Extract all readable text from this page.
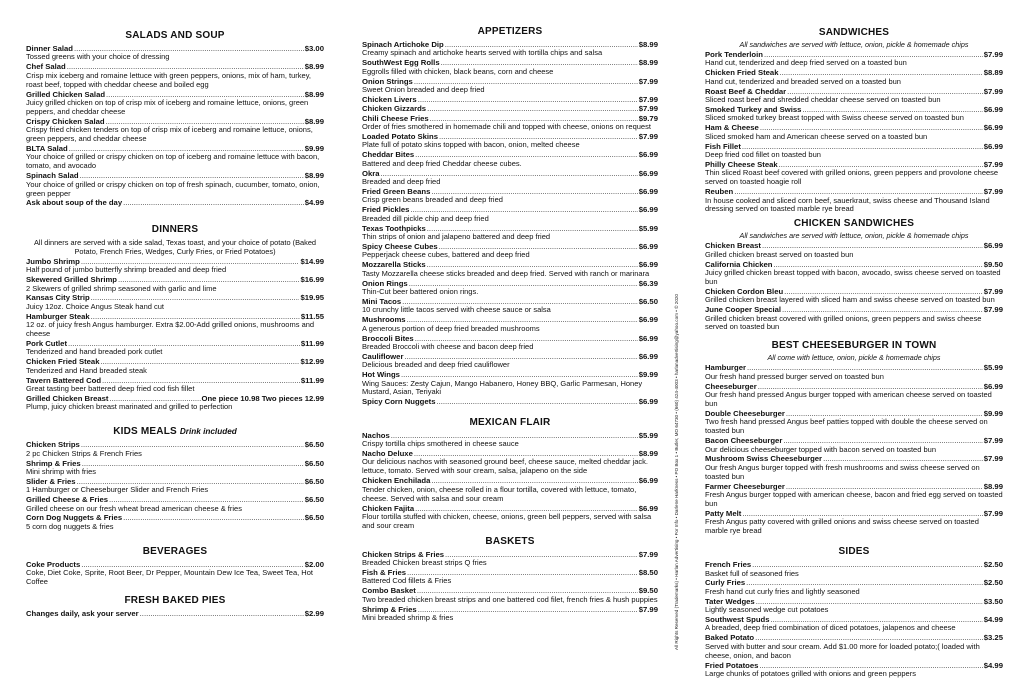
SALADS AND SOUP
Dinner Salad .....	$3.00
Tossed greens with your choice of dressing
Chef Salad .....	$8.99
Crisp mix iceberg and romaine lettuce with green peppers, onions, mix of ham, turkey, roast beef, topped with cheddar cheese and boiled egg
Grilled Chicken Salad .....	$8.99
Juicy grilled chicken on top of crisp mix of iceberg and romaine lettuce, onions, green peppers, and cheddar cheese
Crispy Chicken Salad .....	$8.99
Crispy fried chicken tenders on top of crisp mix of iceberg and romaine lettuce, onions, green peppers, and cheddar cheese
BLTA Salad .....	$9.99
Your choice of grilled or crispy chicken on top of iceberg and romaine lettuce with bacon, tomato, and avocado
Spinach Salad .....	$8.99
Your choice of grilled or crispy chicken on top of fresh spinach, cucumber, tomato, onion, green pepper
Ask about soup of the day .....	$4.99
DINNERS
All dinners are served with a side salad, Texas toast, and your choice of potato (Baked Potato, French Fries, Wedges, Curly Fries, or Fried Potatoes)
Jumbo Shrimp .....	$14.99
Half pound of jumbo butterfly shrimp breaded and deep fried
Skewered Grilled Shrimp .....	$16.99
2 Skewers of grilled shrimp seasoned with garlic and lime
Kansas City Strip .....	$19.95
Juicy 12oz. Choice Angus Steak hand cut
Hamburger Steak .....	$11.55
12 oz. of juicy fresh Angus hamburger. Extra $2.00-Add grilled onions, mushrooms and cheese
Pork Cutlet .....	$11.99
Tenderized and hand breaded pork cutlet
Chicken Fried Steak .....	$12.99
Tenderized and Hand breaded steak
Tavern Battered Cod .....	$11.99
Great tasting beer battered deep fried cod fish fillet
Grilled Chicken Breast .....	One piece 10.98 Two pieces 12.99
Plump, juicy chicken breast marinated and grilled to perfection
KIDS MEALS Drink included
Chicken Strips .....	$6.50
2 pc Chicken Strips & French Fries
Shrimp & Fries .....	$6.50
Mini shrimp with fries
Slider & Fries .....	$6.50
1 Hamburger or Cheeseburger Slider and French Fries
Grilled Cheese & Fries .....	$6.50
Grilled cheese on our fresh wheat bread american cheese & fries
Corn Dog Nuggets & Fries .....	$6.50
5 corn dog nuggets & fries
BEVERAGES
Coke Products .....	$2.00
Coke, Diet Coke, Sprite, Root Beer, Dr Pepper, Mountain Dew Ice Tea, Sweet Tea, Hot Coffee
FRESH BAKED PIES
Changes daily, ask your server .....	$2.99
APPETIZERS
Spinach Artichoke Dip .....	$8.99
Creamy spinach and artichoke hearts served with tortilla chips and salsa
SouthWest Egg Rolls .....	$8.99
Eggrolls filled with chicken, black beans, corn and cheese
Onion Strings .....	$7.99
Sweet Onion breaded and deep fried
Chicken Livers .....	$7.99
Chicken Gizzards .....	$7.99
Chili Cheese Fries .....	$9.79
Order of fries smothered in homemade chili and topped with cheese, onions on request
Loaded Potato Skins .....	$7.99
Plate full of potato skins topped with bacon, onion, melted cheese
Cheddar Bites .....	$6.99
Battered and deep fried Cheddar cheese cubes.
Okra .....	$6.99
Breaded and deep fried
Fried Green Beans .....	$6.99
Crisp green beans breaded and deep fried
Fried Pickles .....	$6.99
Breaded dill pickle chip and deep fried
Texas Toothpicks .....	$5.99
Thin strips of onion and jalapeno battered and deep fried
Spicy Cheese Cubes .....	$6.99
Pepperjack cheese cubes, battered and deep fried
Mozzarella Sticks .....	$6.99
Tasty Mozzarella cheese sticks breaded and deep fried. Served with ranch or marinara
Onion Rings .....	$6.39
Thin-Cut beer battered onion rings.
Mini Tacos .....	$6.50
10 crunchy little tacos served with cheese sauce or salsa
Mushrooms .....	$6.99
A generous portion of deep fried breaded mushrooms
Broccoli Bites .....	$6.99
Breaded Broccoli with cheese and bacon deep fried
Cauliflower .....	$6.99
Delicious breaded and deep fried cauliflower
Hot Wings .....	$9.99
Wing Sauces: Zesty Cajun, Mango Habanero, Honey BBQ, Garlic Parmesan, Honey Mustard, Asian, Teriyaki
Spicy Corn Nuggets .....	$6.99
MEXICAN FLAIR
Nachos .....	$5.99
Crispy tortilla chips smothered in cheese sauce
Nacho Deluxe .....	$8.99
Our delicious nachos with seasoned ground beef, cheese sauce, melted cheddar jack. lettuce, tomato. Served with sour cream, salsa, jalapeno on the side
Chicken Enchilada .....	$6.99
Tender chicken, onion, cheese rolled in a flour tortilla, covered with lettuce, tomato, cheese. Served with salsa and sour cream
Chicken Fajita .....	$6.99
Flour tortilla stuffed with chicken, cheese, onions, green bell peppers, served with salsa and sour cream
BASKETS
Chicken Strips & Fries .....	$7.99
Breaded Chicken breast strips Q fries
Fish & Fries .....	$8.50
Battered Cod fillets & Fries
Combo Basket .....	$9.50
Two breaded chicken breast strips and one battered cod filet, french fries & hush puppies
Shrimp & Fries .....	$7.99
Mini breaded shrimp & fries
SANDWICHES
All sandwiches are served with lettuce, onion, pickle & homemade chips
Pork Tenderloin .....	$7.99
Hand cut, tenderized and deep fried served on a toasted bun
Chicken Fried Steak .....	$8.89
Hand cut, tenderized and breaded served on a toasted bun
Roast Beef & Cheddar .....	$7.99
Sliced roast beef and shredded cheddar cheese served on toasted bun
Smoked Turkey and Swiss .....	$6.99
Sliced smoked turkey breast topped with Swiss cheese served on toasted bun
Ham & Cheese .....	$6.99
Sliced smoked ham and American cheese served on a toasted bun
Fish Fillet .....	$6.99
Deep fried cod fillet on toasted bun
Philly Cheese Steak .....	$7.99
Thin sliced Roast beef covered with grilled onions, green peppers and provolone cheese served on toasted hoagie roll
Reuben .....	$7.99
In house cooked and sliced corn beef, sauerkraut, swiss cheese and Thousand Island dressing served on toasted marble rye bread
CHICKEN SANDWICHES
All sandwiches are served with lettuce, onion, pickle & homemade chips
Chicken Breast .....	$6.99
Grilled chicken breast served on toasted bun
California Chicken .....	$9.50
Juicy grilled chicken breast topped with bacon, avocado, swiss cheese served on toasted bun
Chicken Cordon Bleu .....	$7.99
Grilled chicken breast layered with sliced ham and swiss cheese served on toasted bun
June Cooper Special .....	$7.99
Grilled chicken breast covered with grilled onions, green peppers and swiss cheese served on toasted bun
BEST CHEESEBURGER IN TOWN
All come with lettuce, onion, pickle & homemade chips
Hamburger .....	$5.99
Our fresh hand pressed burger served on toasted bun
Cheeseburger .....	$6.99
Our fresh hand pressed Angus burger topped with american cheese served on toasted bun
Double Cheeseburger .....	$9.99
Two fresh hand pressed Angus beef patties topped with double the cheese served on toasted bun
Bacon Cheeseburger .....	$7.99
Our delicious cheeseburger topped with bacon served on toasted bun
Mushroom Swiss Cheeseburger .....	$7.99
Our fresh Angus burger topped with fresh mushrooms and swiss cheese served on toasted bun
Farmer Cheeseburger .....	$8.99
Fresh Angus burger topped with american cheese, bacon and fried egg served on toasted bun
Patty Melt .....	$7.99
Fresh Angus patty covered with grilled onions and swiss cheese served on toasted marble rye bread
SIDES
French Fries .....	$2.50
Basket full of seasoned fries
Curly Fries .....	$2.50
Fresh hand cut curly fries and lightly seasoned
Tater Wedges .....	$3.50
Lightly seasoned wedge cut potatoes
Southwest Spuds .....	$4.99
A breaded, deep fried combination of diced potatoes, jalapenos and cheese
Baked Potato .....	$3.25
Served with butter and sour cream. Add $1.00 more for loaded potato;( loaded with cheese, onion, and bacon
Fried Potatoes .....	$4.99
Large chunks of potatoes grilled with onions and green peppers
All Rights Reserved (Trademarks) • Harlan Advertising • For Info • Darlene Harkness • PO Box 1 • Butler, MO 64730 • (660) 424-4003 • harlanadvertising@yahoo.com • © 2020
